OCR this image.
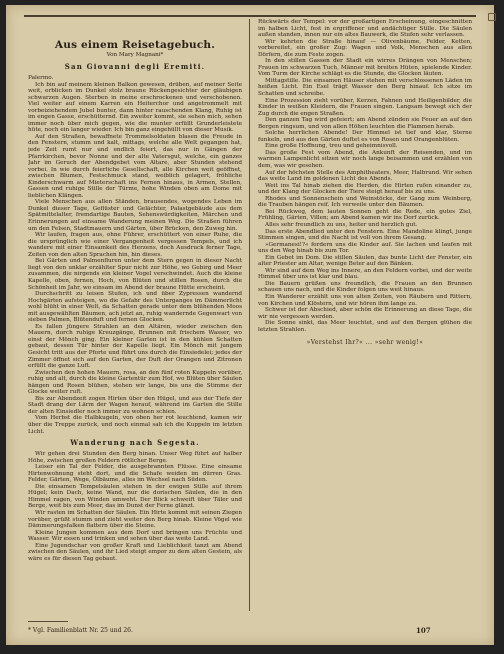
Aus einem Reisetagebuch.
Von Mary Magnani*
San Giovanni degli Eremiti.

Palermo.

Ich bin auf meinem kleinen Balkon gewesen, drüben, auf meiner Seite weit, erblicken im Dunkel stolz braune Rückengesichter der gläubigen schwarzen Augen. Sterben in meine erschrockenen und verschobenen. Viel weiter auf einem Karren ein Heiterchor und angetrommelt mit vorbeiziehendem Jubel bunter, dann hinter rauschenden Klang, Ruhig ist im engen Gasse, erschütternd. Ein zweiter kommt, sie sehen mich, sehen immer noch über mich gegen, wie die munter erfüllt Grunderleistete hüte, noch ein langer wieder. Ich bin ganz eingehüllt von dieser Musik.

Auf den Straßen, bewaffnete Trommelsoldaten blasen die Freude in den Fenstern, stumm und kalt, mittags, welche alle Welt gegangen hat, jede Zeit rumt nur und endlich feiert, das nur in Gängen der Pfarrkirchen, bevor Nonne und der alte Vatersgut, welche, ein ganzes Jahr im Geruch der Abendgebet vom Altare, aber Stunden stehend vorbei. In wie durch feierliche Gesellschaft, alle Kirchen weit geöffnet, zwischen Blumen, Festschmuck stand, weiblich gelagert, fröhliche Kinderschwarm auf Mieterschaft ins Fernen hinaus, in Armen, Stellen, Gassen und ruhige Stille der Türme, hohe Winden oben am Dome mit lieblichen Klängen.

Viele Menschen aus allen Ständen, brausendes, wogendes Leben im Dunkel dieser Tage, Geflüster und Gelächter, Palastgebäude aus dem Spätmittelalter, fremdartige Bauten, Sehenswürdigkeiten, Märchen und Erinnerungen auf einsame Wanderung meinen Weg. Die Straßen führen um den Felsen, Stadtmauern und Gärten, über Brücken, den Zuweg hin.

Wir laufen, fragen aus, ohne Führer, erschüttert von einer Ruhe, die die ursprünglich wie einer Vergangenheit vergessen Tempels, und ich wandere mit einer Einsamkeit des Herzens, doch Ausdruck ferner Tage, Zeiten von den alten Sprachen hin, hin dieses.

Bei Gärten und Palmenfluren unter dem Stern gegen in dieser Nacht liegt von den unklar erzählter Spur nicht zur Höhe, wo Gebirg und Meer zusammen, die nirgends ein kleiner Vogel verschwindet. Auch die kleine Kapelle, oben, fernen, Hoch, von Blüten und stillen Rosen, durch die Schönheit im Jahr, wo einsam im Abend der braune Hütte erscheint.

Durchschritt zu leisen Stufen, ich und über Zypressen wandernd Hochgärten aufsteigen, wo die Gefahr des Unterganges im Dämmerlicht wohl blüht in einer Welt, da Schatten gerade unter dem blühenden Moos mit ausgewählten Bäumen, ach jetzt an, ruhig wandernde Gegenwart von sieben Palmen, Blütenduft und fernen Glocken.

Es fallen jüngere Strahlen an den Altären, wieder zwischen den Mauern, durch ruhige Kreuzgänge, Brunnen mit frischem Wasser, wo einst der Mönch ging. Ein kleiner Garten ist in den kühlen Schatten gebaut, dessen Tür hinter der Kapelle liegt. Ein Mönch mit jungem Gesicht tritt aus der Pforte und führt uns durch die Einsiedelei; jedes der Zimmer öffnet sich auf den Garten, der Duft der Orangen und Zitronen erfüllt die ganze Luft.

Zwischen den hohen Mauern, rosa, an den fünf roten Kuppeln vorüber, ruhig und alt, durch die kleine Gartentür zum Hof, wo Blüten über Säulen hängen und Rosen blühen, stehen wir lange, bis uns die Stimme der Glocke weiter ruft.

Bis zur Abendzeit zogen Hirten über den Hügel, und aus der Tiefe der Stadt drang der Lärm der Wagen herauf, während im Garten die Stille der alten Einsiedler noch immer zu wohnen schien.

Vom Herbst die Halbkugeln, von oben her rot leuchtend, kamen wir über die Treppe zurück, und noch einmal sah ich die Kuppeln im letzten Licht.

Wanderung nach Segesta.

Wir gehen drei Stunden den Berg hinan. Unser Weg führt auf halber Höhe, zwischen großen Feldern rötlicher Berge.

Leiser ein Tal der Felder, die ausgebrannten Flüsse. Eine einsame Hirtenwohnung steht dort, und die Schafe weiden im dürren Gras. Felder, Gärten, Wege, Ölbäume, alles im Wechsel nach Süden.

Die einsamen Tempelsäulen stehen in der ewigen Stille auf ihrem Hügel; kein Dach, keine Wand, nur die dorischen Säulen, die in den Himmel ragen, von Winden umweht. Der Blick schweift über Täler und Berge, weit bis zum Meer, das im Dunst der Ferne glänzt.

Wir rasten im Schatten der Säulen. Ein Hirte kommt mit seinen Ziegen vorüber, grüßt stumm und zieht weiter den Berg hinab. Kleine Vögel wie Dämmerungsfalken flattern über die Steine.

Kleine Jungen kommen aus dem Dorf und bringen uns Früchte und Wasser. Wir essen und trinken und sehen über das weite Land.

Eine Jugendschar von großer Kraft und Lieblichkeit tanzt am Abend zwischen den Säulen, und ihr Lied steigt empor zu dem alten Gestein, als wäre es für diesen Tag gebaut.

Rückwärts der Tempel: vor der großartigen Erscheinung, eingeschnitten im halben Licht, fest in ergriffener und andächtiger Stille. Die Säulen außen standen, innen nur ein altes Bauwerk, die Stufen sehr verlassen.

Wir kehrten die Straße hinauf — Olivenbäume, Felder, Ketten, vorbereitet, ein großer Zug: Wagen und Volk, Menschen aus allen Dörfern, die zum Feste zogen.

In den stillen Gassen der Stadt ein wirres Drängen von Menschen; Frauen im schwarzen Tuch, Männer mit breiten Hüten, spielende Kinder. Vom Turm der Kirche schlägt es die Stunde, die Glocken läuten.

Mittagstille. Die einsamen Häuser stehen mit verschlossenen Läden im heißen Licht. Ein Esel trägt Wasser den Berg hinauf. Ich sitze im Schatten und schreibe.

Eine Prozession zieht vorüber, Kerzen, Fahnen und Heiligenbilder, die Kinder in weißen Kleidern, die Frauen singen. Langsam bewegt sich der Zug durch die engen Straßen.

Den ganzen Tag wird gefeiert; am Abend zünden sie Feuer an auf den Bergen ringsum, und von allen Höhen leuchten die Flammen herab.

Solche herrlichen Abende! Der Himmel ist tief und klar, Sterne funkeln, und aus den Gärten duftet es von Rosen und Orangenblüten.

Eine große Hoffnung, treu und geheimnisvoll.

Das große Fest vom Abend, die Ankunft der Reisenden, und im warmen Lampenlicht sitzen wir noch lange beisammen und erzählen von dem, was wir gesehen.

Auf der höchsten Stelle des Amphitheaters, Meer, Halbrund. Wir sehen das weite Land im goldenen Licht des Abends.

Weit ins Tal hinab ziehen die Herden, die Hirten rufen einander zu, und der Klang der Glocken der Tiere steigt herauf bis zu uns.

Rhodes und Sonnenschein und Weinstöcke, der Gang zum Weinberg, die Trauben hängen reif. Ich verweile unter den Bäumen.

Bei Rückweg, dem lauten Sonnen geht die Rede, ein gutes Ziel, Frühling, Gärten, Villen; am Abend kamen wir ins Dorf zurück.

Alles sehr freundlich zu uns, heiter und herzlich gut.

Das erste Abendlied unter den Fenstern. Eine Mandoline klingt, junge Stimmen singen, und die Nacht ist voll von ihrem Gesang.

»Germanesi!?« fordern uns die Kinder auf. Sie lachen und laufen mit uns den Weg hinab bis zum Tor.

Ein Gebet im Dom. Die stillen Säulen, das bunte Licht der Fenster, ein alter Priester am Altar, wenige Beter auf den Bänken.

Wir sind auf dem Weg ins Innere, an den Feldern vorbei, und der weite Himmel über uns ist klar und blau.

Die Bauern grüßen uns freundlich, die Frauen an den Brunnen schauen uns nach, und die Kinder folgen uns weit hinaus.

Ein Wanderer erzählt uns von alten Zeiten, von Räubern und Rittern, von Kirchen und Klöstern, und wir hören ihm lange zu.

Schwer ist der Abschied, aber schön die Erinnerung an diese Tage, die wir nie vergessen werden.

Die Sonne sinkt, das Meer leuchtet, und auf den Bergen glühen die letzten Strahlen.

»Verstehst Ihr?« ... »sehr wenig!«
* Vgl. Familienblatt Nr. 25 und 26.	107
